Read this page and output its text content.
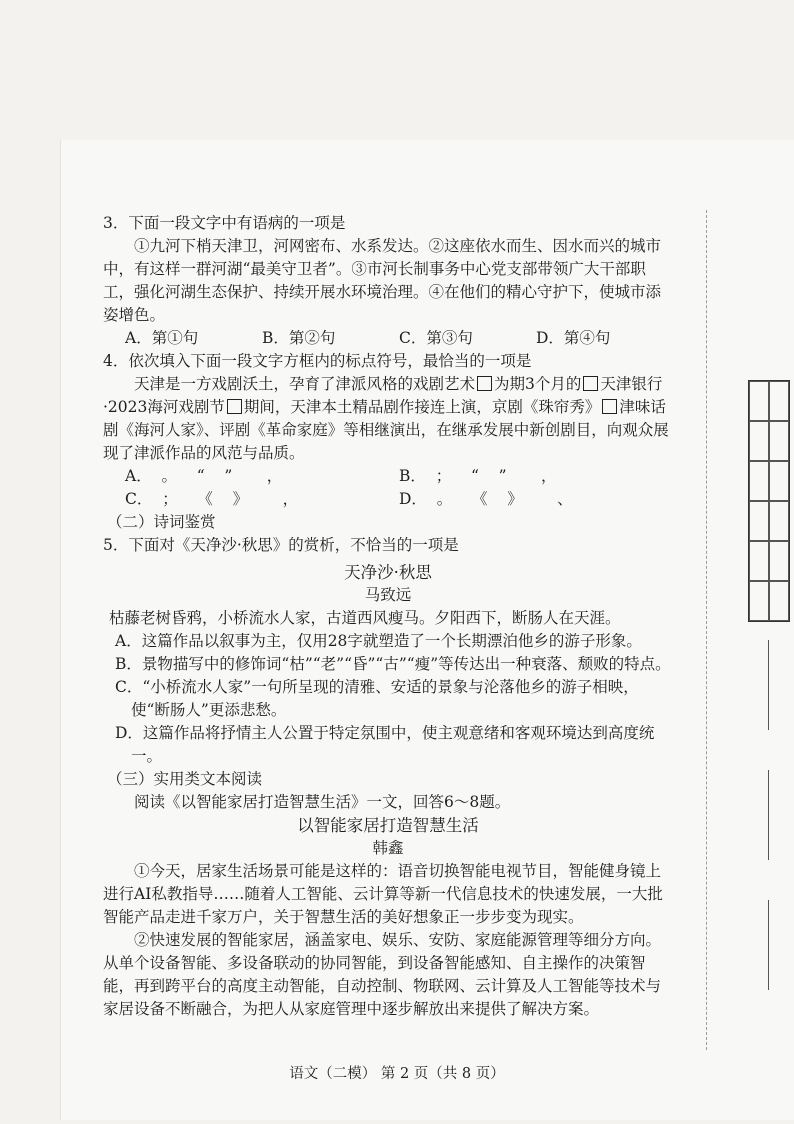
3．下面一段文字中有语病的一项是

①九河下梢天津卫，河网密布、水系发达。②这座依水而生、因水而兴的城市中，有这样一群河湖“最美守卫者”。③市河长制事务中心党支部带领广大干部职工，强化河湖生态保护、持续开展水环境治理。④在他们的精心守护下，使城市添姿增色。

A．第①句	B．第②句	C．第③句	D．第④句

4．依次填入下面一段文字方框内的标点符号，最恰当的一项是

天津是一方戏剧沃土，孕育了津派风格的戏剧艺术 为期3个月的 天津银行·2023海河戏剧节 期间，天津本土精品剧作接连上演，京剧《珠帘秀》 津味话剧《海河人家》、评剧《革命家庭》等相继演出，在继承发展中新创剧目，向观众展现了津派作品的风范与品质。

A．  。    “    ”       ，	B．  ；    “    ”       ，
C．  ；    《    》       ，	D．  。    《    》       、

（二）诗词鉴赏

5．下面对《天净沙·秋思》的赏析，不恰当的一项是

天净沙·秋思

马致远

枯藤老树昏鸦，小桥流水人家，古道西风瘦马。夕阳西下，断肠人在天涯。

A．这篇作品以叙事为主，仅用28字就塑造了一个长期漂泊他乡的游子形象。

B．景物描写中的修饰词“枯”“老”“昏”“古”“瘦”等传达出一种衰落、颓败的特点。

C．“小桥流水人家”一句所呈现的清雅、安适的景象与沦落他乡的游子相映，使“断肠人”更添悲愁。

D．这篇作品将抒情主人公置于特定氛围中，使主观意绪和客观环境达到高度统一。

（三）实用类文本阅读

阅读《以智能家居打造智慧生活》一文，回答6～8题。

以智能家居打造智慧生活

韩鑫

①今天，居家生活场景可能是这样的：语音切换智能电视节目，智能健身镜上进行AI私教指导……随着人工智能、云计算等新一代信息技术的快速发展，一大批智能产品走进千家万户，关于智慧生活的美好想象正一步步变为现实。

②快速发展的智能家居，涵盖家电、娱乐、安防、家庭能源管理等细分方向。从单个设备智能、多设备联动的协同智能，到设备智能感知、自主操作的决策智能，再到跨平台的高度主动智能，自动控制、物联网、云计算及人工智能等技术与家居设备不断融合，为把人从家庭管理中逐步解放出来提供了解决方案。

语文（二模） 第 2 页（共 8 页）
